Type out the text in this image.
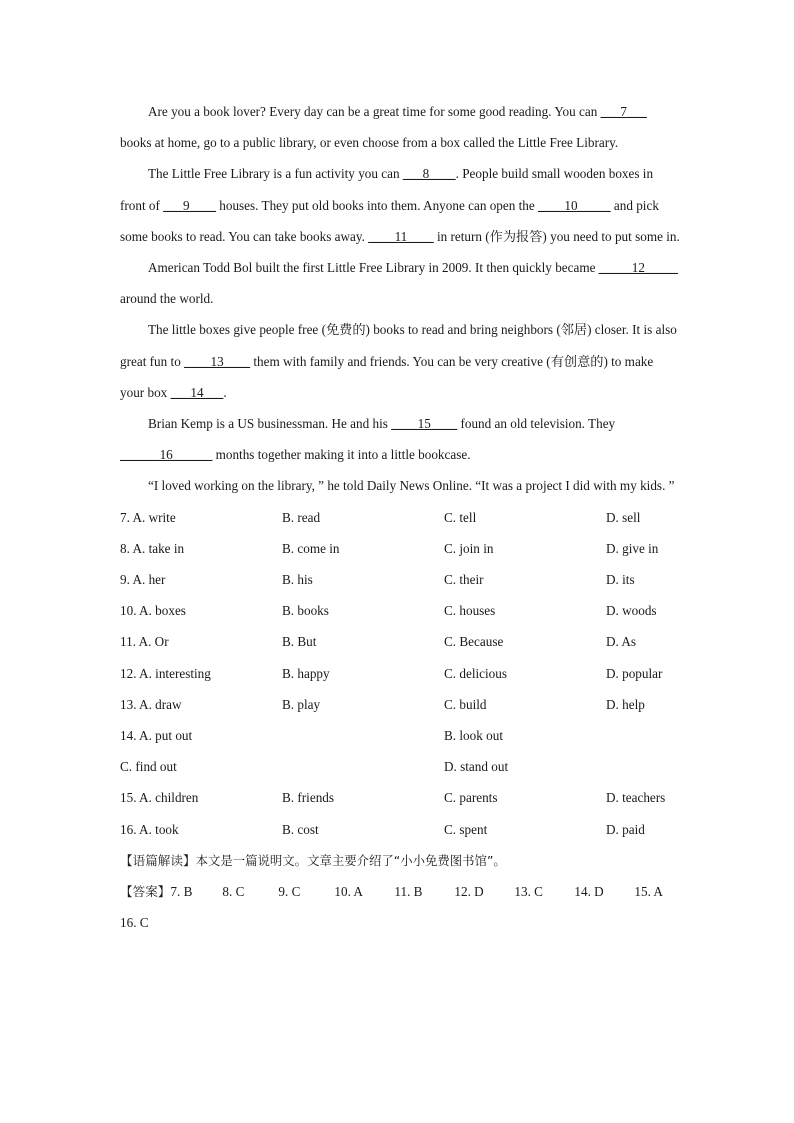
Are you a book lover? Every day can be a great time for some good reading. You can ___7___ books at home, go to a public library, or even choose from a box called the Little Free Library.

The Little Free Library is a fun activity you can ___8____. People build small wooden boxes in front of ___9____ houses. They put old books into them. Anyone can open the ____10_____ and pick some books to read. You can take books away. ____11____ in return (作为报答) you need to put some in.

American Todd Bol built the first Little Free Library in 2009. It then quickly became _____12_____ around the world.

The little boxes give people free (免费的) books to read and bring neighbors (邻居) closer. It is also great fun to ____13____ them with family and friends. You can be very creative (有创意的) to make your box ___14___.

Brian Kemp is a US businessman. He and his ____15____ found an old television. They ______16______ months together making it into a little bookcase.

“I loved working on the library, ” he told Daily News Online. “It was a project I did with my kids. ”

7. A. write	B. read	C. tell	D. sell
8. A. take in	B. come in	C. join in	D. give in
9. A. her	B. his	C. their	D. its
10. A. boxes	B. books	C. houses	D. woods
11. A. Or	B. But	C. Because	D. As
12. A. interesting	B. happy	C. delicious	D. popular
13. A. draw	B. play	C. build	D. help
14. A. put out	B. look out
C. find out	D. stand out
15. A. children	B. friends	C. parents	D. teachers
16. A. took	B. cost	C. spent	D. paid
【语篇解读】 本文是一篇说明文。文章主要介绍了“小小免费图书馆”。
【答案】 7. B	8. C	9. C	10. A	11. B	12. D	13. C	14. D	15. A
16. C
